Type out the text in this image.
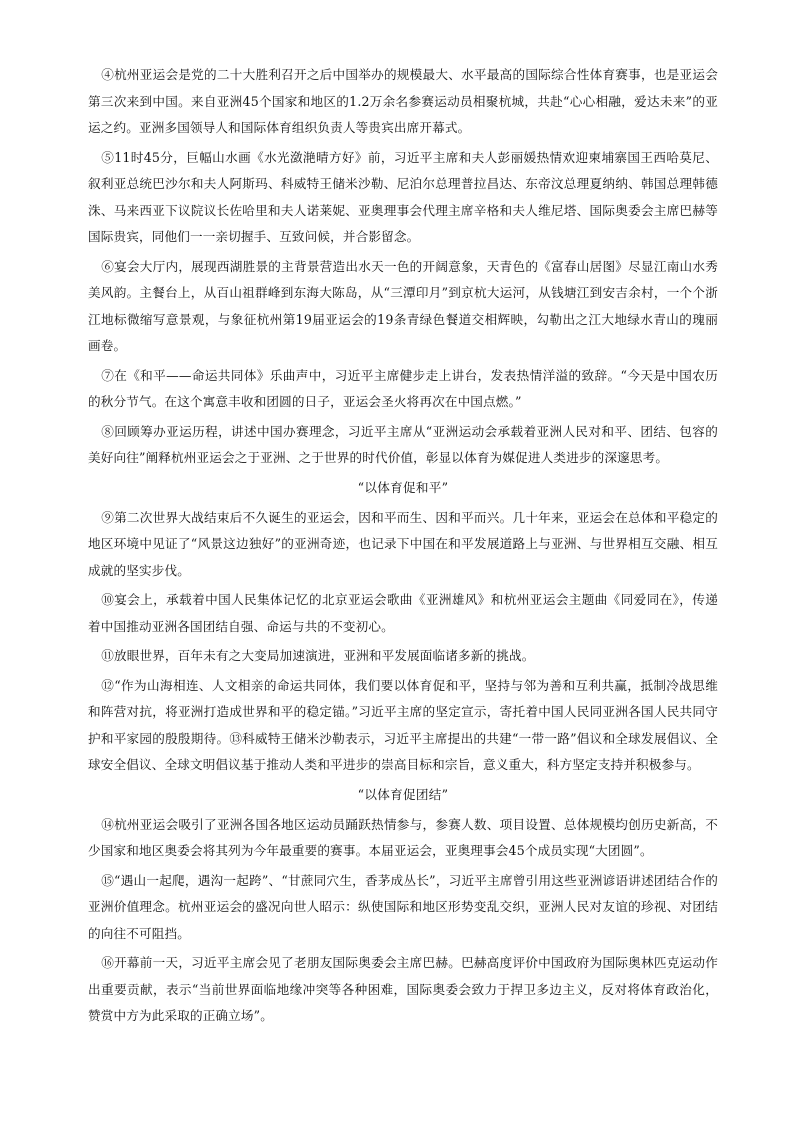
④杭州亚运会是党的二十大胜利召开之后中国举办的规模最大、水平最高的国际综合性体育赛事，也是亚运会第三次来到中国。来自亚洲45个国家和地区的1.2万余名参赛运动员相聚杭城，共赴“心心相融，爱达未来”的亚运之约。亚洲多国领导人和国际体育组织负责人等贵宾出席开幕式。

⑤11时45分，巨幅山水画《水光潋滟晴方好》前，习近平主席和夫人彭丽媛热情欢迎柬埔寨国王西哈莫尼、叙利亚总统巴沙尔和夫人阿斯玛、科威特王储米沙勒、尼泊尔总理普拉昌达、东帝汶总理夏纳纳、韩国总理韩德洙、马来西亚下议院议长佐哈里和夫人诺莱妮、亚奥理事会代理主席辛格和夫人维尼塔、国际奥委会主席巴赫等国际贵宾，同他们一一亲切握手、互致问候，并合影留念。

⑥宴会大厅内，展现西湖胜景的主背景营造出水天一色的开阔意象，天青色的《富春山居图》尽显江南山水秀美风韵。主餐台上，从百山祖群峰到东海大陈岛，从“三潭印月”到京杭大运河，从钱塘江到安吉余村，一个个浙江地标微缩写意景观，与象征杭州第19届亚运会的19条青绿色餐道交相辉映，勾勒出之江大地绿水青山的瑰丽画卷。

⑦在《和平——命运共同体》乐曲声中，习近平主席健步走上讲台，发表热情洋溢的致辞。“今天是中国农历的秋分节气。在这个寓意丰收和团圆的日子，亚运会圣火将再次在中国点燃。”

⑧回顾筹办亚运历程，讲述中国办赛理念，习近平主席从“亚洲运动会承载着亚洲人民对和平、团结、包容的美好向往”阐释杭州亚运会之于亚洲、之于世界的时代价值，彰显以体育为媒促进人类进步的深邃思考。

“以体育促和平”

⑨第二次世界大战结束后不久诞生的亚运会，因和平而生、因和平而兴。几十年来，亚运会在总体和平稳定的地区环境中见证了“风景这边独好”的亚洲奇迹，也记录下中国在和平发展道路上与亚洲、与世界相互交融、相互成就的坚实步伐。

⑩宴会上，承载着中国人民集体记忆的北京亚运会歌曲《亚洲雄风》和杭州亚运会主题曲《同爱同在》，传递着中国推动亚洲各国团结自强、命运与共的不变初心。

⑪放眼世界，百年未有之大变局加速演进，亚洲和平发展面临诸多新的挑战。

⑫“作为山海相连、人文相亲的命运共同体，我们要以体育促和平，坚持与邻为善和互利共赢，抵制冷战思维和阵营对抗，将亚洲打造成世界和平的稳定锚。”习近平主席的坚定宣示，寄托着中国人民同亚洲各国人民共同守护和平家园的殷殷期待。⑬科威特王储米沙勒表示，习近平主席提出的共建“一带一路”倡议和全球发展倡议、全球安全倡议、全球文明倡议基于推动人类和平进步的崇高目标和宗旨，意义重大，科方坚定支持并积极参与。

“以体育促团结”

⑭杭州亚运会吸引了亚洲各国各地区运动员踊跃热情参与，参赛人数、项目设置、总体规模均创历史新高，不少国家和地区奥委会将其列为今年最重要的赛事。本届亚运会，亚奥理事会45个成员实现“大团圆”。

⑮“遇山一起爬，遇沟一起跨”、“甘蔗同穴生，香茅成丛长”，习近平主席曾引用这些亚洲谚语讲述团结合作的亚洲价值理念。杭州亚运会的盛况向世人昭示：纵使国际和地区形势变乱交织，亚洲人民对友谊的珍视、对团结的向往不可阻挡。

⑯开幕前一天，习近平主席会见了老朋友国际奥委会主席巴赫。巴赫高度评价中国政府为国际奥林匹克运动作出重要贡献，表示“当前世界面临地缘冲突等各种困难，国际奥委会致力于捍卫多边主义，反对将体育政治化，赞赏中方为此采取的正确立场”。
